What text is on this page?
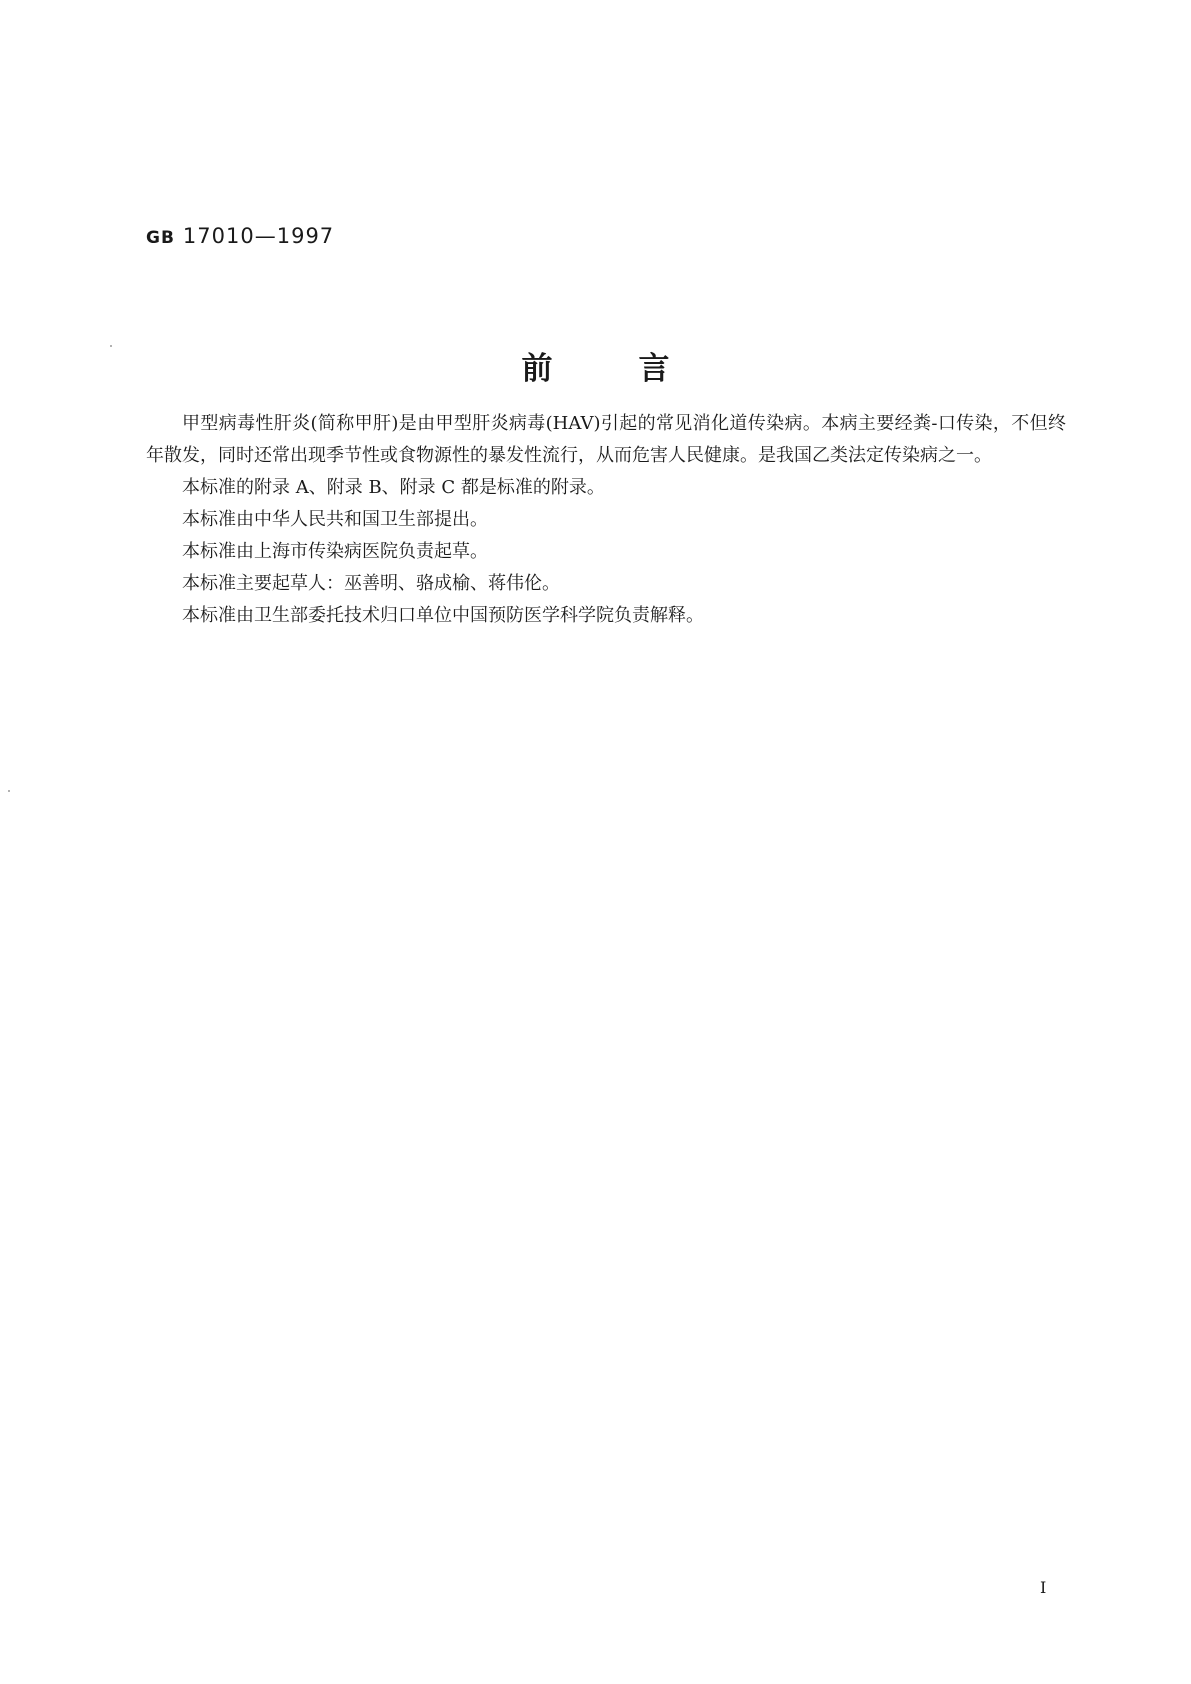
GB 17010—1997
前言

甲型病毒性肝炎(简称甲肝)是由甲型肝炎病毒(HAV)引起的常见消化道传染病。本病主要经粪-口传染，不但终年散发，同时还常出现季节性或食物源性的暴发性流行，从而危害人民健康。是我国乙类法定传染病之一。

本标准的附录 A、附录 B、附录 C 都是标准的附录。

本标准由中华人民共和国卫生部提出。

本标准由上海市传染病医院负责起草。

本标准主要起草人：巫善明、骆成榆、蒋伟伦。

本标准由卫生部委托技术归口单位中国预防医学科学院负责解释。

I
